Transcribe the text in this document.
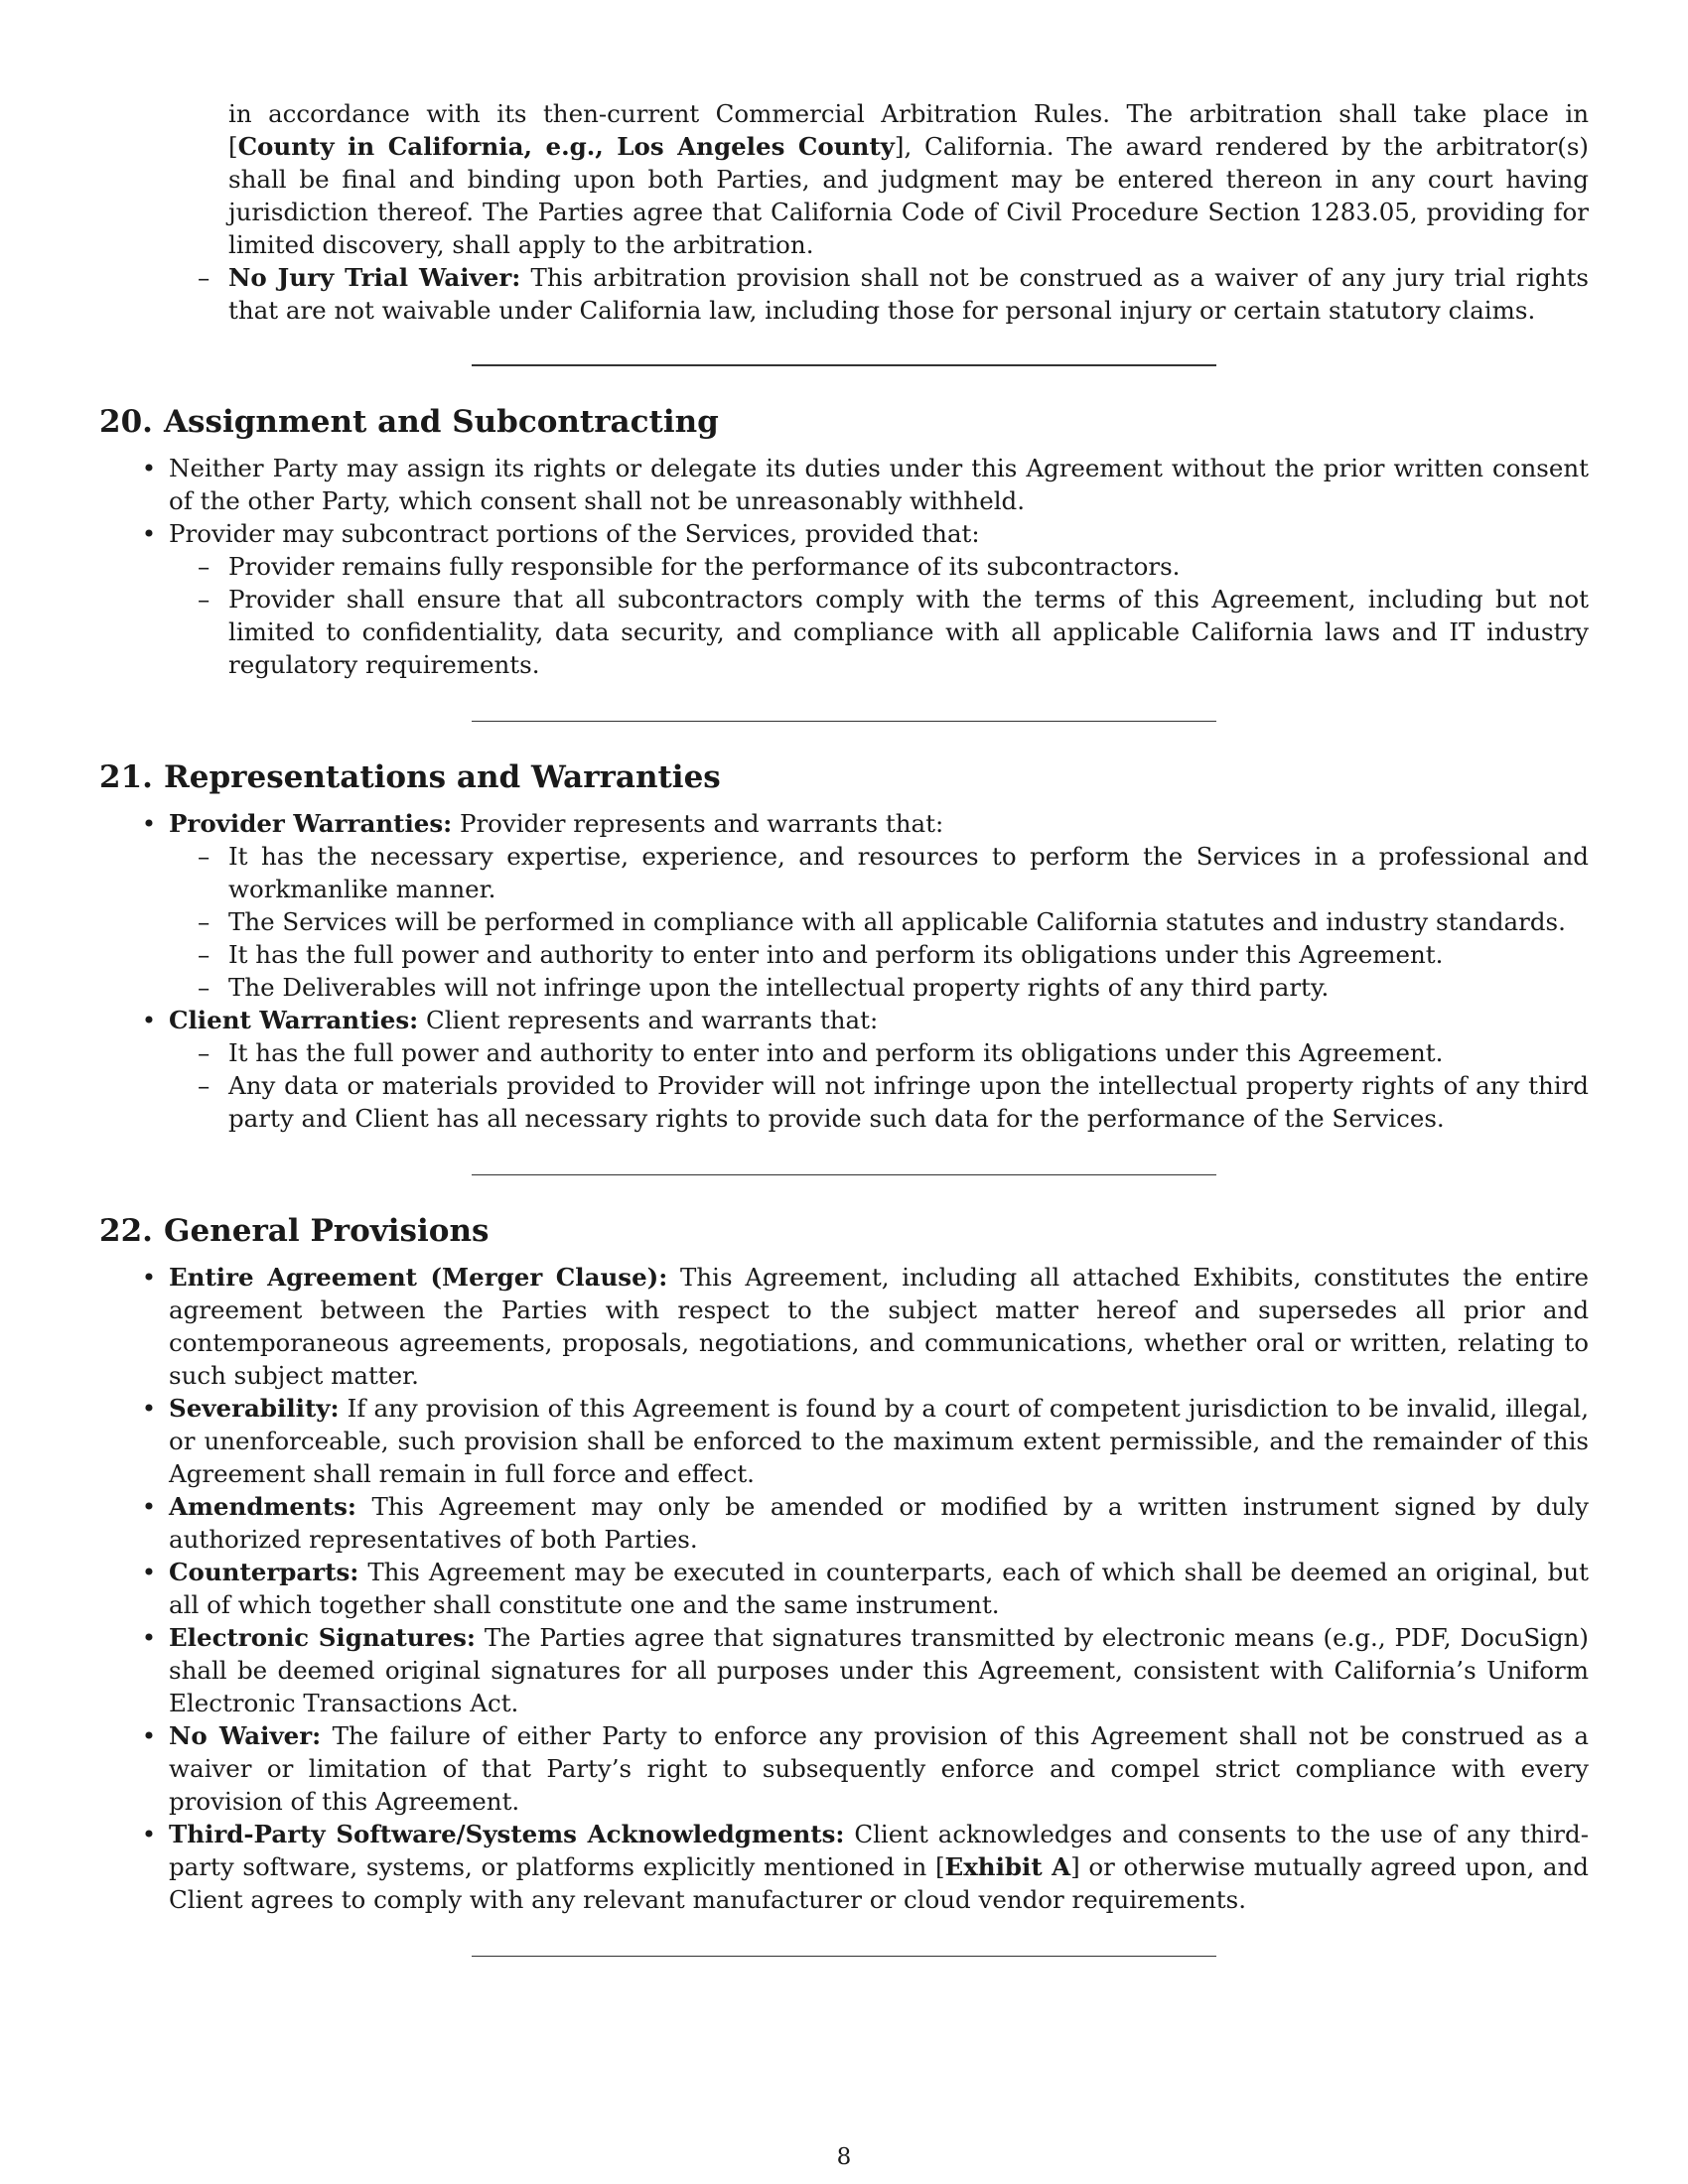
in accordance with its then-current Commercial Arbitration Rules. The arbitration shall take place in [County in California, e.g., Los Angeles County], California. The award rendered by the arbitrator(s) shall be final and binding upon both Parties, and judgment may be entered thereon in any court having jurisdiction thereof. The Parties agree that California Code of Civil Procedure Section 1283.05, providing for limited discovery, shall apply to the arbitration.

– No Jury Trial Waiver: This arbitration provision shall not be construed as a waiver of any jury trial rights that are not waivable under California law, including those for personal injury or certain statutory claims.
20. Assignment and Subcontracting
• Neither Party may assign its rights or delegate its duties under this Agreement without the prior written consent of the other Party, which consent shall not be unreasonably withheld.
• Provider may subcontract portions of the Services, provided that:
– Provider remains fully responsible for the performance of its subcontractors.
– Provider shall ensure that all subcontractors comply with the terms of this Agreement, including but not limited to confidentiality, data security, and compliance with all applicable California laws and IT industry regulatory requirements.
21. Representations and Warranties
• Provider Warranties: Provider represents and warrants that:
– It has the necessary expertise, experience, and resources to perform the Services in a professional and workmanlike manner.
– The Services will be performed in compliance with all applicable California statutes and industry standards.
– It has the full power and authority to enter into and perform its obligations under this Agreement.
– The Deliverables will not infringe upon the intellectual property rights of any third party.
• Client Warranties: Client represents and warrants that:
– It has the full power and authority to enter into and perform its obligations under this Agreement.
– Any data or materials provided to Provider will not infringe upon the intellectual property rights of any third party and Client has all necessary rights to provide such data for the performance of the Services.
22. General Provisions
• Entire Agreement (Merger Clause): This Agreement, including all attached Exhibits, constitutes the entire agreement between the Parties with respect to the subject matter hereof and supersedes all prior and contemporaneous agreements, proposals, negotiations, and communications, whether oral or written, relating to such subject matter.
• Severability: If any provision of this Agreement is found by a court of competent jurisdiction to be invalid, illegal, or unenforceable, such provision shall be enforced to the maximum extent permissible, and the remainder of this Agreement shall remain in full force and effect.
• Amendments: This Agreement may only be amended or modified by a written instrument signed by duly authorized representatives of both Parties.
• Counterparts: This Agreement may be executed in counterparts, each of which shall be deemed an original, but all of which together shall constitute one and the same instrument.
• Electronic Signatures: The Parties agree that signatures transmitted by electronic means (e.g., PDF, DocuSign) shall be deemed original signatures for all purposes under this Agreement, consistent with California’s Uniform Electronic Transactions Act.
• No Waiver: The failure of either Party to enforce any provision of this Agreement shall not be construed as a waiver or limitation of that Party’s right to subsequently enforce and compel strict compliance with every provision of this Agreement.
• Third-Party Software/Systems Acknowledgments: Client acknowledges and consents to the use of any third-party software, systems, or platforms explicitly mentioned in [Exhibit A] or otherwise mutually agreed upon, and Client agrees to comply with any relevant manufacturer or cloud vendor requirements.
8
